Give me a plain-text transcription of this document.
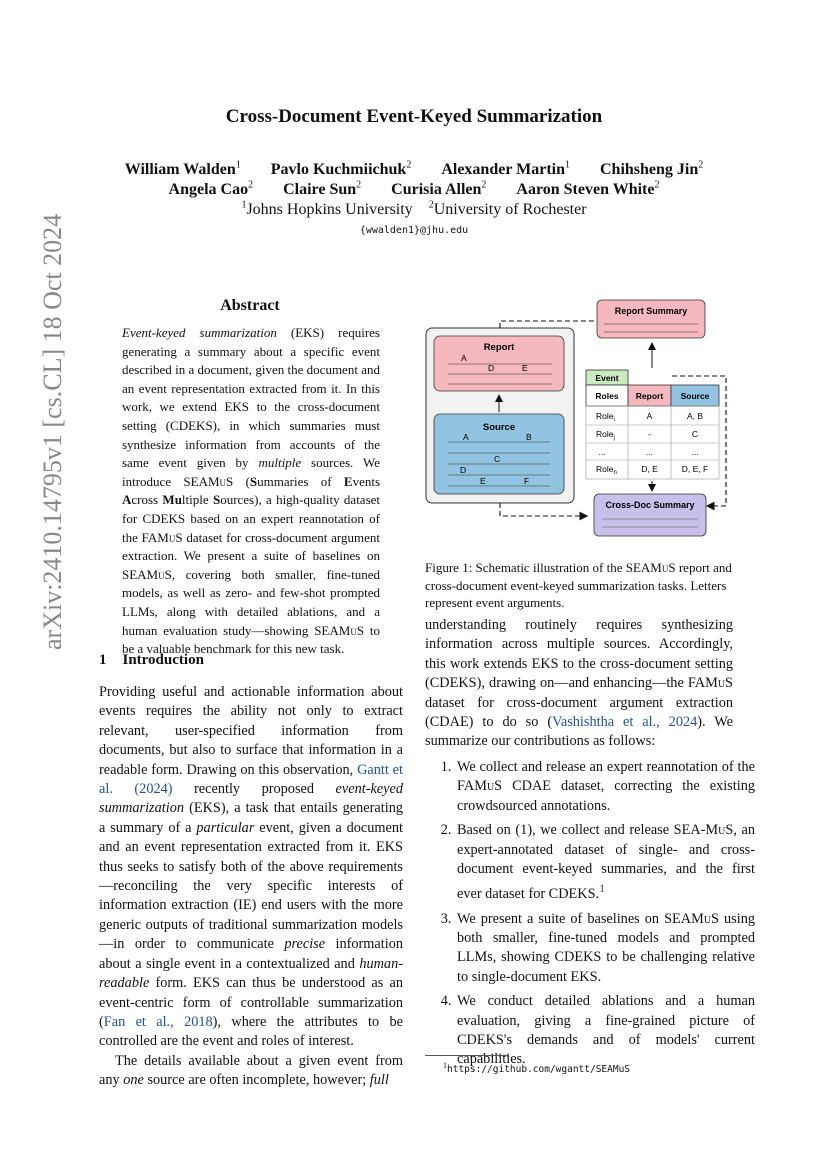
Cross-Document Event-Keyed Summarization
William Walden$^1$ Pavlo Kuchmiichuk$^2$ Alexander Martin$^1$ Chihsheng Jin$^2$
Angela Cao$^2$ Claire Sun$^2$ Curisia Allen$^2$ Aaron Steven White$^2$
$^1$Johns Hopkins University $^2$University of Rochester
{wwalden1}@jhu.edu
arXiv:2410.14795v1 [cs.CL] 18 Oct 2024	Abstract
Event-keyed summarization (EKS) requires generating a summary about a specific event described in a document, given the document and an event representation extracted from it. In this work, we extend EKS to the cross-document setting (CDEKS), in which summaries must synthesize information from accounts of the same event given by multiple sources. We introduce SEAMuS (Summaries of Events Across Multiple Sources), a high-quality dataset for CDEKS based on an expert reannotation of the FAMuS dataset for cross-document argument extraction. We present a suite of baselines on SEAMuS, covering both smaller, fine-tuned models, as well as zero- and few-shot prompted LLMs, along with detailed ablations, and a human evaluation study—showing SEAMuS to be a valuable benchmark for this new task.
1 Introduction
Providing useful and actionable information about events requires the ability not only to extract relevant, user-specified information from documents, but also to surface that information in a readable form. Drawing on this observation, Gantt et al. (2024) recently proposed event-keyed summarization (EKS), a task that entails generating a summary of a particular event, given a document and an event representation extracted from it. EKS thus seeks to satisfy both of the above requirements—reconciling the very specific interests of information extraction (IE) end users with the more generic outputs of traditional summarization models—in order to communicate precise information about a single event in a contextualized and human-readable form. EKS can thus be understood as an event-centric form of controllable summarization (Fan et al., 2018), where the attributes to be controlled are the event and roles of interest.
The details available about a given event from any one source are often incomplete, however; full
Report
A
D	E
Source
A	B
C
D
E	F
Report Summary
Event
Roles Report Source
Role$_i$	A	A, B
Role$_j$	-	C
...	...	...
Role$_n$	D, E	D, E, F
Cross-Doc Summary
Figure 1: Schematic illustration of the SEAMuS report and cross-document event-keyed summarization tasks. Letters represent event arguments.
understanding routinely requires synthesizing information across multiple sources. Accordingly, this work extends EKS to the cross-document setting (CDEKS), drawing on—and enhancing—the FAMuS dataset for cross-document argument extraction (CDAE) to do so (Vashishtha et al., 2024). We summarize our contributions as follows:
1. We collect and release an expert reannotation of the FAMuS CDAE dataset, correcting the existing crowdsourced annotations.
2. Based on (1), we collect and release SEA-MuS, an expert-annotated dataset of single- and cross-document event-keyed summaries, and the first ever dataset for CDEKS.$^1$
3. We present a suite of baselines on SEAMuS using both smaller, fine-tuned models and prompted LLMs, showing CDEKS to be challenging relative to single-document EKS.
4. We conduct detailed ablations and a human evaluation, giving a fine-grained picture of CDEKS's demands and of models' current capabilities.
$^1$https://github.com/wgantt/SEAMuS
